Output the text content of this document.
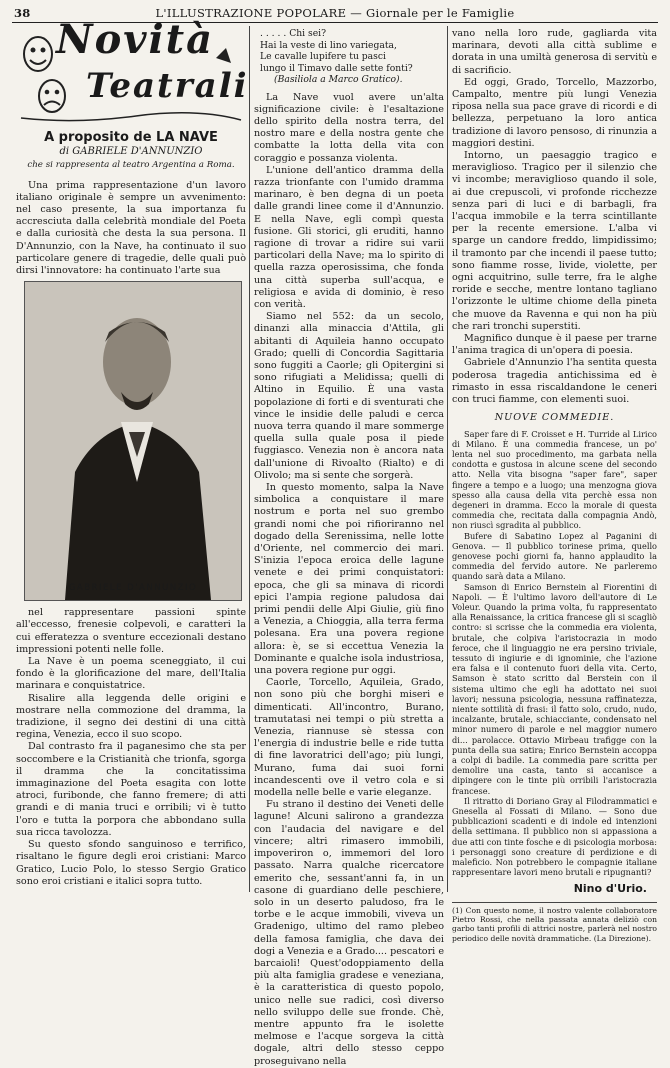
38	L'ILLUSTRAZIONE POPOLARE — Giornale per le Famiglie
Novità
Teatrali
A proposito de LA NAVE
di GABRIELE D'ANNUNZIO
che si rappresenta al teatro Argentina a Roma.

Una prima rappresentazione d'un lavoro italiano originale è sempre un avvenimento: nel caso presente, la sua importanza fu accresciuta dalla celebrità mondiale del Poeta e dalla curiosità che desta la sua persona. Il D'Annunzio, con la Nave, ha continuato il suo particolare genere di tragedie, delle quali può dirsi l'innovatore: ha continuato l'arte sua

GABRIELE D'ANNUNZIO

nel rappresentare passioni spinte all'eccesso, frenesie colpevoli, e caratteri la cui efferatezza o sventure eccezionali destano impressioni potenti nelle folle.

La Nave è un poema sceneggiato, il cui fondo è la glorificazione del mare, dell'Italia marinara e conquistatrice.

Risalire alla leggenda delle origini e mostrare nella commozione del dramma, la tradizione, il segno dei destini di una città regina, Venezia, ecco il suo scopo.

Dal contrasto fra il paganesimo che sta per soccombere e la Cristianità che trionfa, sgorga il dramma che la concitatissima immaginazione del Poeta esagita con lotte atroci, furibonde, che fanno fremere; di atti grandi e di mania truci e orribili; vi è tutto l'oro e tutta la porpora che abbondano sulla sua ricca tavolozza.

Su questo sfondo sanguinoso e terrifico, risaltano le figure degli eroi cristiani: Marco Gratico, Lucio Polo, lo stesso Sergio Gratico sono eroi cristiani e italici sopra tutto.

. . . . . Chi sei?
Hai la veste di lino variegata,
Le cavalle lupifere tu pasci
lungo il Timavo dalle sette fonti?
(Basiliola a Marco Gratico).

La Nave vuol avere un'alta significazione civile: è l'esaltazione dello spirito della nostra terra, del nostro mare e della nostra gente che combatte la lotta della vita con coraggio e possanza violenta.

L'unione dell'antico dramma della razza trionfante con l'umido dramma marinaro, è ben degna di un poeta dalle grandi linee come il d'Annunzio. E nella Nave, egli compì questa fusione. Gli storici, gli eruditi, hanno ragione di trovar a ridire sui varii particolari della Nave; ma lo spirito di quella razza operosissima, che fonda una città superba sull'acqua, e religiosa e avida di dominio, è reso con verità.

Siamo nel 552: da un secolo, dinanzi alla minaccia d'Attila, gli abitanti di Aquileia hanno occupato Grado; quelli di Concordia Sagittaria sono fuggiti a Caorle; gli Opitergini si sono rifugiati a Melidissa; quelli di Altino in Equilio. È una vasta popolazione di forti e di sventurati che vince le insidie delle paludi e cerca nuova terra quando il mare sommerge quella sulla quale posa il piede fuggiasco. Venezia non è ancora nata dall'unione di Rivoalto (Rialto) e di Olivolo; ma si sente che sorgerà.

In questo momento, salpa la Nave simbolica a conquistare il mare nostrum e porta nel suo grembo grandi nomi che poi rifioriranno nel dogado della Serenissima, nelle lotte d'Oriente, nel commercio dei mari. S'inizia l'epoca eroica delle lagune venete e dei primi conquistatori: epoca, che gli sa minava di ricordi epici l'ampia regione paludosa dai primi pendii delle Alpi Giulie, giù fino a Venezia, a Chioggia, alla terra ferma polesana. Era una povera regione allora: è, se si eccettua Venezia la Dominante e qualche isola industriosa, una povera regione pur oggi.

Caorle, Torcello, Aquileia, Grado, non sono più che borghi miseri e dimenticati. All'incontro, Burano, tramutatasi nei tempi o più stretta a Venezia, riannuse sè stessa con l'energia di industrie belle e ride tutta di fine lavoratrici dell'ago; più lungi, Murano, fuma dai suoi forni incandescenti ove il vetro cola e si modella nelle belle e varie eleganze.

Fu strano il destino dei Veneti delle lagune! Alcuni salirono a grandezza con l'audacia del navigare e del vincere; altri rimasero immobili, impoveriron o, immemori del loro passato. Narra qualche ricercatore emerito che, sessant'anni fa, in un casone di guardiano delle peschiere, solo in un deserto paludoso, fra le torbe e le acque immobili, viveva un Gradenigo, ultimo del ramo plebeo della famosa famiglia, che dava dei dogi a Venezia e a Grado.... pescatori e barcaioli! Quest'odoppiamento della più alta famiglia gradese e veneziana, è la caratteristica di questo popolo, unico nelle sue radici, così diverso nello sviluppo delle sue fronde. Chè, mentre appunto fra le isolette melmose e l'acque sorgeva la città dogale, altri dello stesso ceppo proseguivano nella

vano nella loro rude, gagliarda vita marinara, devoti alla città sublime e dorata in una umiltà generosa di servitù e di sacrificio.

Ed oggi, Grado, Torcello, Mazzorbo, Campalto, mentre più lungi Venezia riposa nella sua pace grave di ricordi e di bellezza, perpetuano la loro antica tradizione di lavoro pensoso, di rinunzia a maggiori destini.

Intorno, un paesaggio tragico e meraviglioso. Tragico per il silenzio che vi incombe; meraviglioso quando il sole, ai due crepuscoli, vi profonde ricchezze senza pari di luci e di barbagli, fra l'acqua immobile e la terra scintillante per la recente emersione. L'alba vi sparge un candore freddo, limpidissimo; il tramonto par che incendi il paese tutto; sono fiamme rosse, livide, violette, per ogni acquitrino, sulle terre, fra le alghe roride e secche, mentre lontano tagliano l'orizzonte le ultime chiome della pineta che muove da Ravenna e qui non ha più che rari tronchi superstiti.

Magnifico dunque è il paese per trarne l'anima tragica di un'opera di poesia.

Gabriele d'Annunzio l'ha sentita questa poderosa tragedia antichissima ed è rimasto in essa riscaldandone le ceneri con truci fiamme, con elementi suoi.

NUOVE COMMEDIE.

Saper fare di F. Croisset e H. Turride al Lirico di Milano. È una commedia francese, un po' lenta nel suo procedimento, ma garbata nella condotta e gustosa in alcune scene del secondo atto. Nella vita bisogna "saper fare", saper fingere a tempo e a luogo; una menzogna giova spesso alla causa della vita perchè essa non degeneri in dramma. Ecco la morale di questa commedia che, recitata dalla compagnia Andò, non riuscì sgradita al pubblico.

Bufere di Sabatino Lopez al Paganini di Genova. — Il pubblico torinese prima, quello genovese pochi giorni fa, hanno applaudito la commedia del fervido autore. Ne parleremo quando sarà data a Milano.

Samson di Enrico Bernstein al Fiorentini di Napoli. — È l'ultimo lavoro dell'autore di Le Voleur. Quando la prima volta, fu rappresentato alla Renaissance, la critica francese gli si scagliò contro: si scrisse che la commedia era violenta, brutale, che colpiva l'aristocrazia in modo feroce, che il linguaggio ne era persino triviale, tessuto di ingiurie e di ignominie, che l'azione era falsa e il contenuto fuori della vita. Certo, Samson è stato scritto dal Berstein con il sistema ultimo che egli ha adottato nei suoi lavori; nessuna psicologia, nessuna raffinatezza, niente sottilità di frasi: il fatto solo, crudo, nudo, incalzante, brutale, schiacciante, condensato nel minor numero di parole e nel maggior numero di... parolacce. Ottavio Mirbeau trafigge con la punta della sua satira; Enrico Bernstein accoppa a colpi di badile. La commedia pare scritta per demolire una casta, tanto si accanisce a dipingere con le tinte più orribili l'aristocrazia francese.

Il ritratto di Doriano Gray al Filodrammatici e Gnesella al Fossati di Milano. — Sono due pubblicazioni scadenti e di indole ed intenzioni della settimana. Il pubblico non si appassiona a due atti con tinte fosche e di psicologia morbosa: i personaggi sono creature di perdizione e di maleficio. Non potrebbero le compagnie italiane rappresentare lavori meno brutali e ripugnanti?

Nino d'Urio.
(1) Con questo nome, il nostro valente collaboratore Pietro Rossi, che nella passata annata deliziò con garbo tanti profili di attrici nostre, parlerà nel nostro periodico delle novità drammatiche. (La Direzione).
